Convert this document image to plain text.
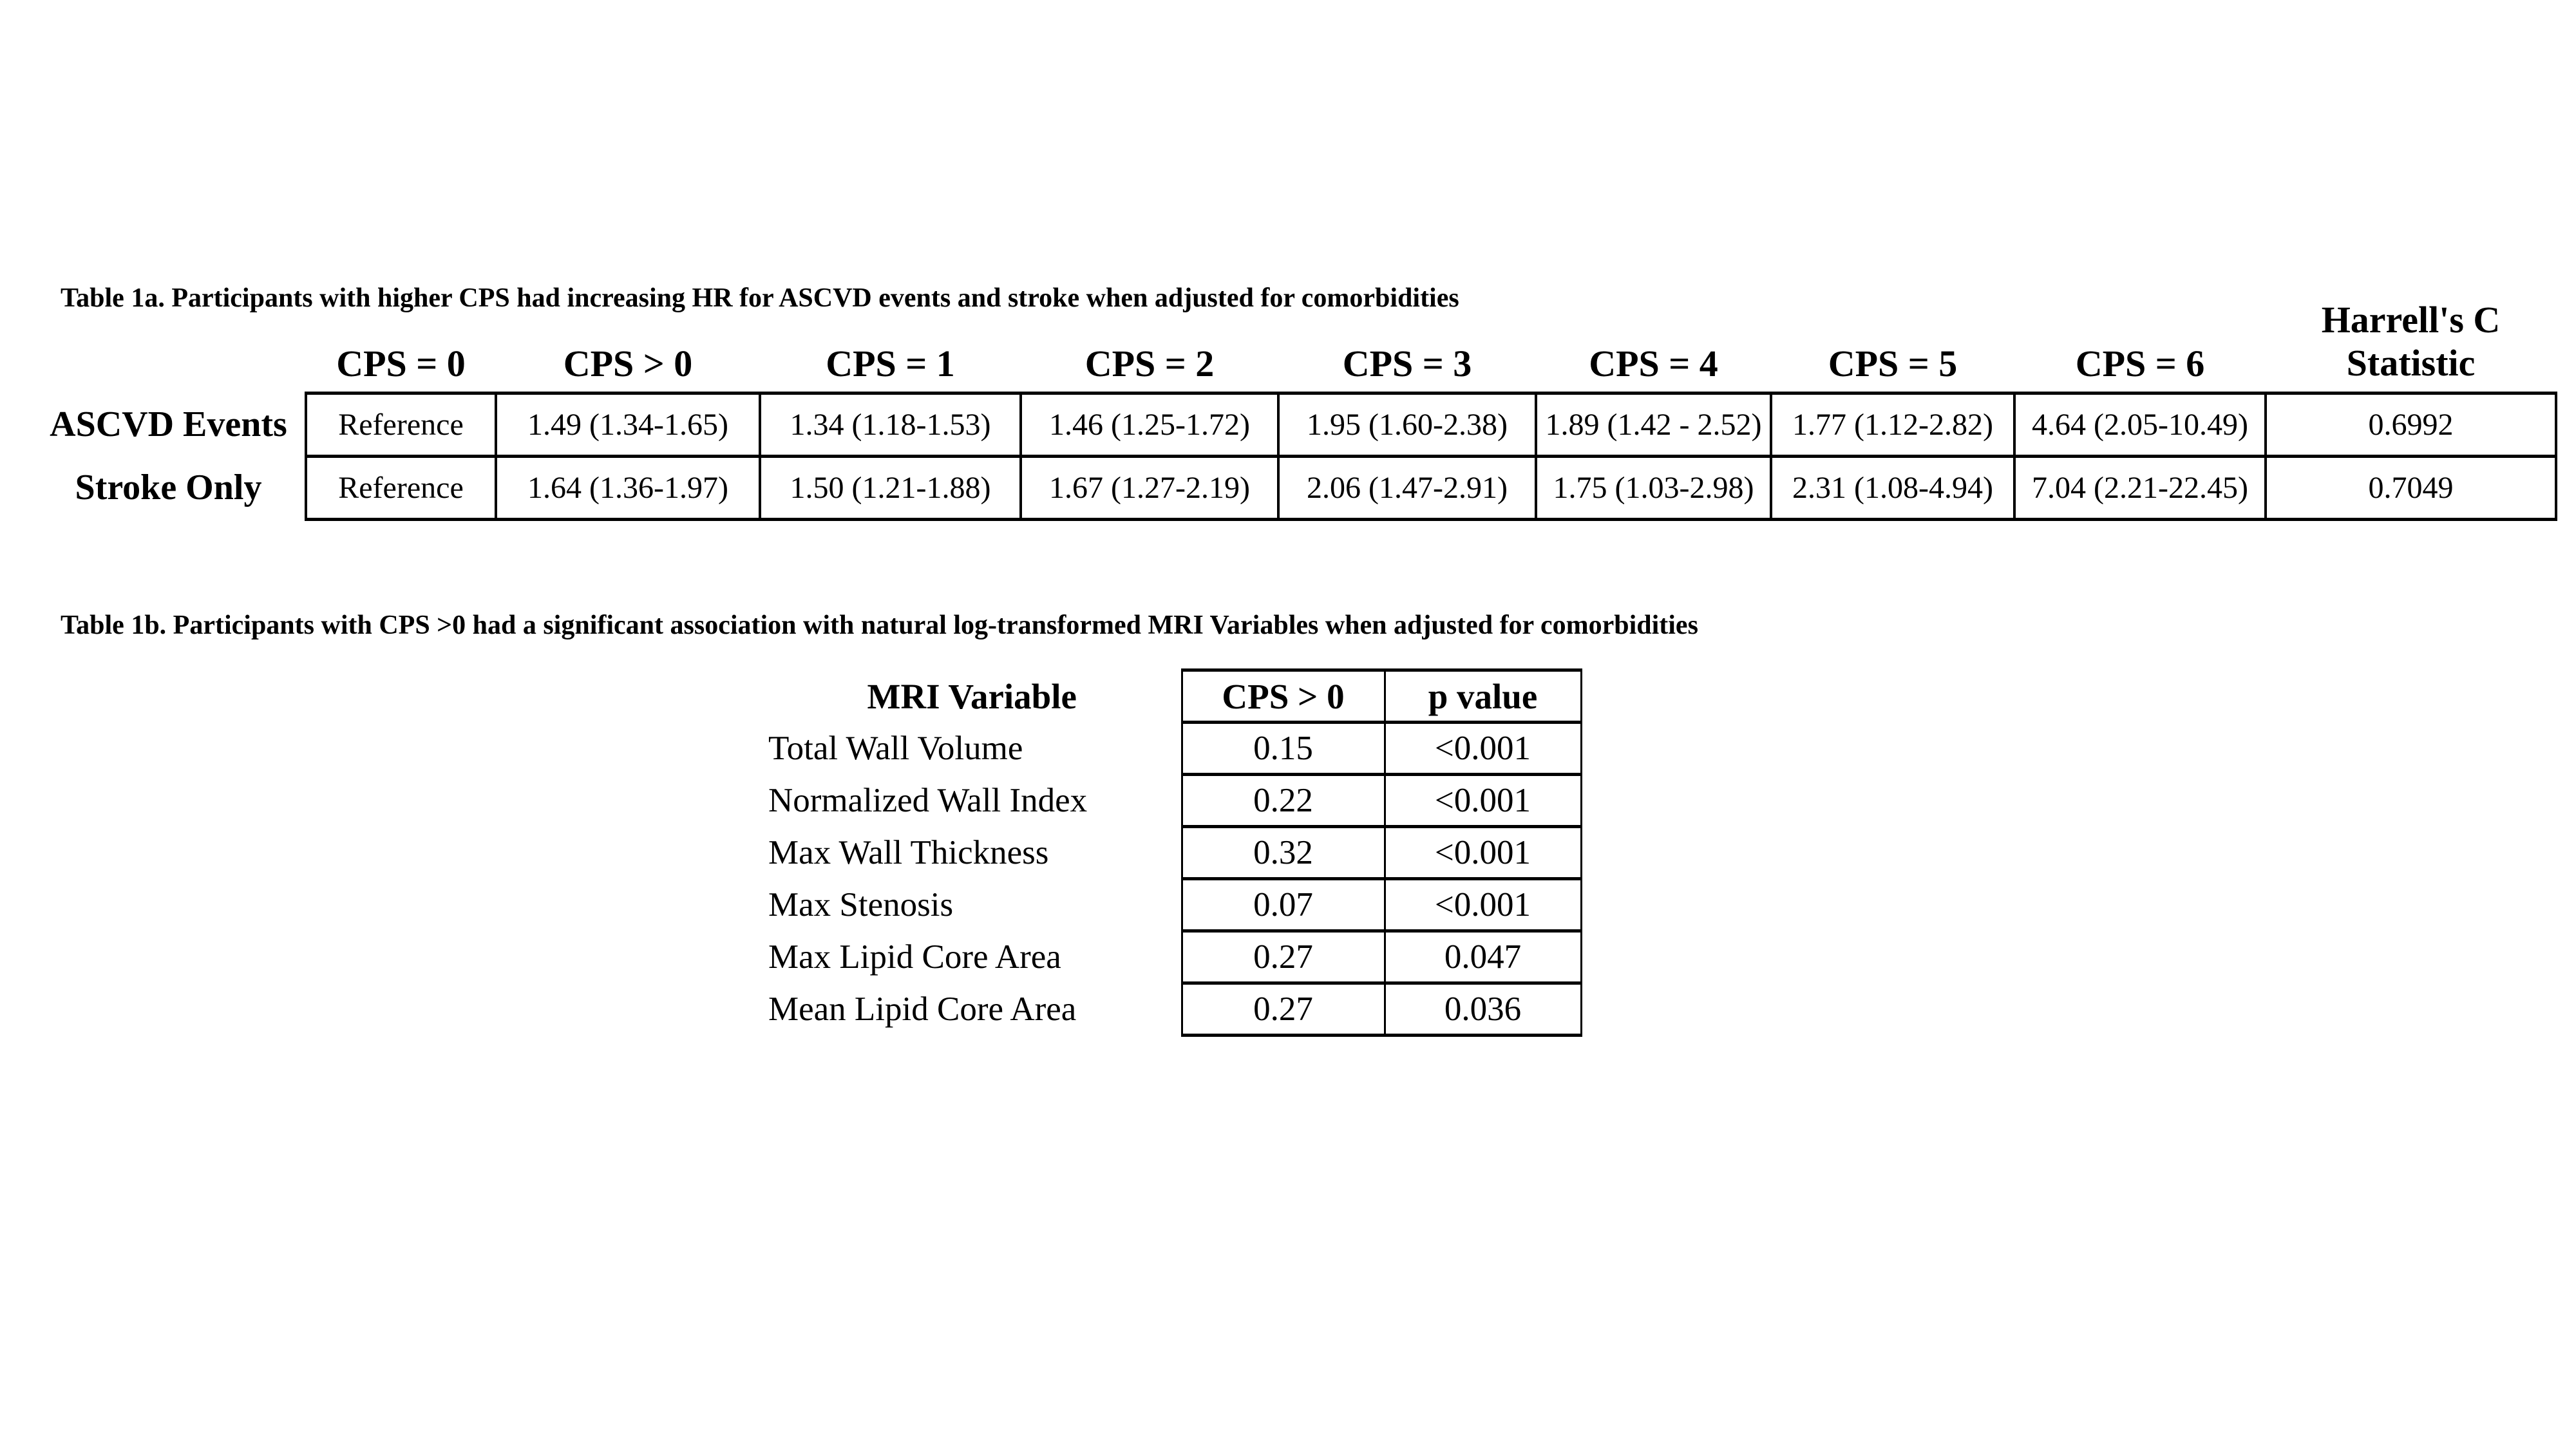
Table 1a. Participants with higher CPS had increasing HR for ASCVD events and stroke when adjusted for comorbidities
	CPS = 0	CPS > 0	CPS = 1	CPS = 2	CPS = 3	CPS = 4	CPS = 5	CPS = 6	Harrell's C
Statistic

ASCVD Events	Reference	1.49 (1.34-1.65)	1.34 (1.18-1.53)	1.46 (1.25-1.72)	1.95 (1.60-2.38)	1.89 (1.42 - 2.52)	1.77 (1.12-2.82)	4.64 (2.05-10.49)	0.6992
Stroke Only	Reference	1.64 (1.36-1.97)	1.50 (1.21-1.88)	1.67 (1.27-2.19)	2.06 (1.47-2.91)	1.75 (1.03-2.98)	2.31 (1.08-4.94)	7.04 (2.21-22.45)	0.7049
Table 1b. Participants with CPS >0 had a significant association with natural log-transformed MRI Variables when adjusted for comorbidities
MRI Variable	CPS > 0	p value
Total Wall Volume	0.15	<0.001
Normalized Wall Index	0.22	<0.001
Max Wall Thickness	0.32	<0.001
Max Stenosis	0.07	<0.001
Max Lipid Core Area	0.27	0.047
Mean Lipid Core Area	0.27	0.036
